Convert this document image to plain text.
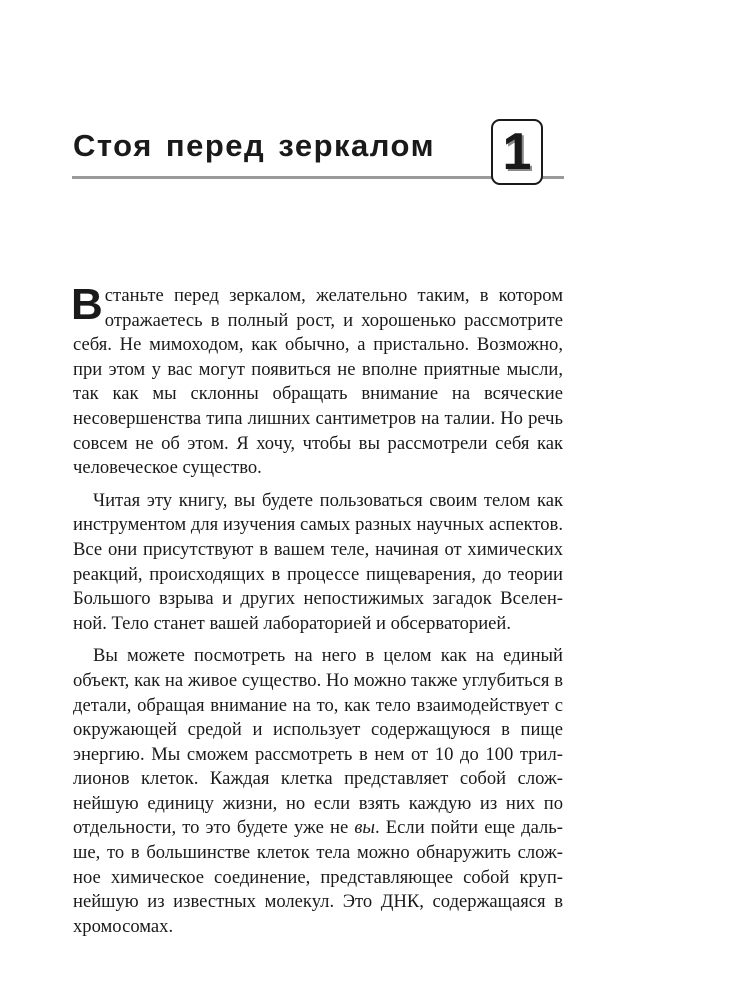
Стоя перед зеркалом 1

Встаньте перед зеркалом, желательно таким, в котором отражаетесь в полный рост, и хорошенько рассмотрите себя. Не мимоходом, как обычно, а пристально. Возможно, при этом у вас могут появиться не вполне приятные мысли, так как мы склонны обращать внимание на всяческие несовершенства типа лишних сантиметров на талии. Но речь совсем не об этом. Я хочу, чтобы вы рассмотрели себя как человеческое существо.

Читая эту книгу, вы будете пользоваться своим телом как инструментом для изучения самых разных научных аспектов. Все они присутствуют в вашем теле, начиная от химических реакций, происходящих в процессе пищеварения, до теории Большого взрыва и других непостижимых загадок Вселенной. Тело станет вашей лабораторией и обсерваторией.

Вы можете посмотреть на него в целом как на единый объект, как на живое существо. Но можно также углубиться в детали, обращая внимание на то, как тело взаимодействует с окружающей средой и использует содержащуюся в пище энергию. Мы сможем рассмотреть в нем от 10 до 100 триллионов клеток. Каждая клетка представляет собой сложнейшую единицу жизни, но если взять каждую из них по отдельности, то это будете уже не вы. Если пойти еще дальше, то в большинстве клеток тела можно обнаружить сложное химическое соединение, представляющее собой крупнейшую из известных молекул. Это ДНК, содержащаяся в хромосомах.
